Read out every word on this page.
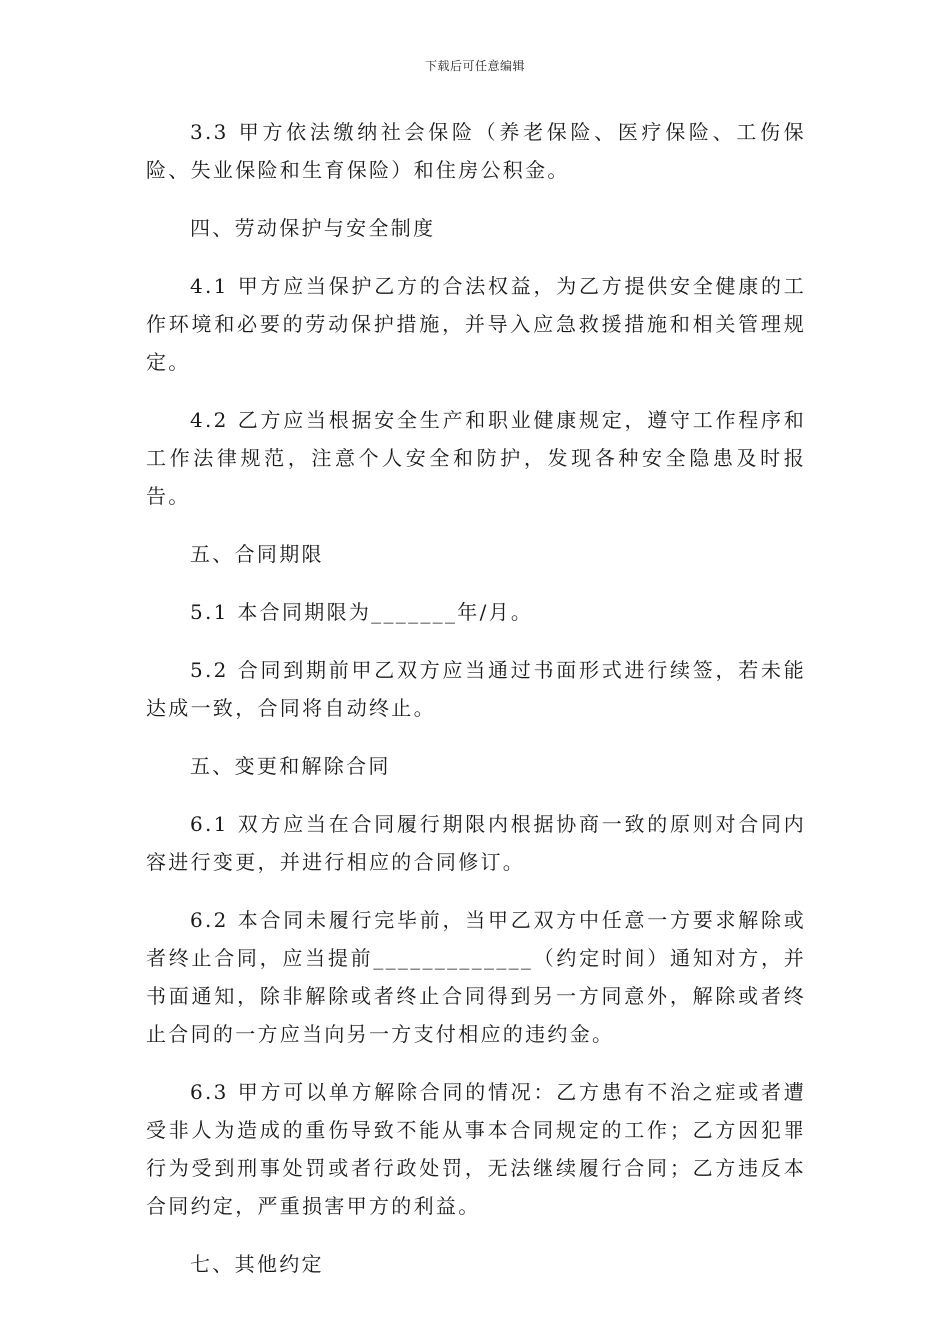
下载后可任意编辑

3.3 甲方依法缴纳社会保险（养老保险、医疗保险、工伤保险、失业保险和生育保险）和住房公积金。

四、劳动保护与安全制度

4.1 甲方应当保护乙方的合法权益，为乙方提供安全健康的工作环境和必要的劳动保护措施，并导入应急救援措施和相关管理规定。

4.2 乙方应当根据安全生产和职业健康规定，遵守工作程序和工作法律规范，注意个人安全和防护，发现各种安全隐患及时报告。

五、合同期限

5.1 本合同期限为_______年/月。

5.2 合同到期前甲乙双方应当通过书面形式进行续签，若未能达成一致，合同将自动终止。

五、变更和解除合同

6.1 双方应当在合同履行期限内根据协商一致的原则对合同内容进行变更，并进行相应的合同修订。

6.2 本合同未履行完毕前，当甲乙双方中任意一方要求解除或者终止合同，应当提前_____________（约定时间）通知对方，并书面通知，除非解除或者终止合同得到另一方同意外，解除或者终止合同的一方应当向另一方支付相应的违约金。

6.3 甲方可以单方解除合同的情况：乙方患有不治之症或者遭受非人为造成的重伤导致不能从事本合同规定的工作；乙方因犯罪行为受到刑事处罚或者行政处罚，无法继续履行合同；乙方违反本合同约定，严重损害甲方的利益。

七、其他约定
